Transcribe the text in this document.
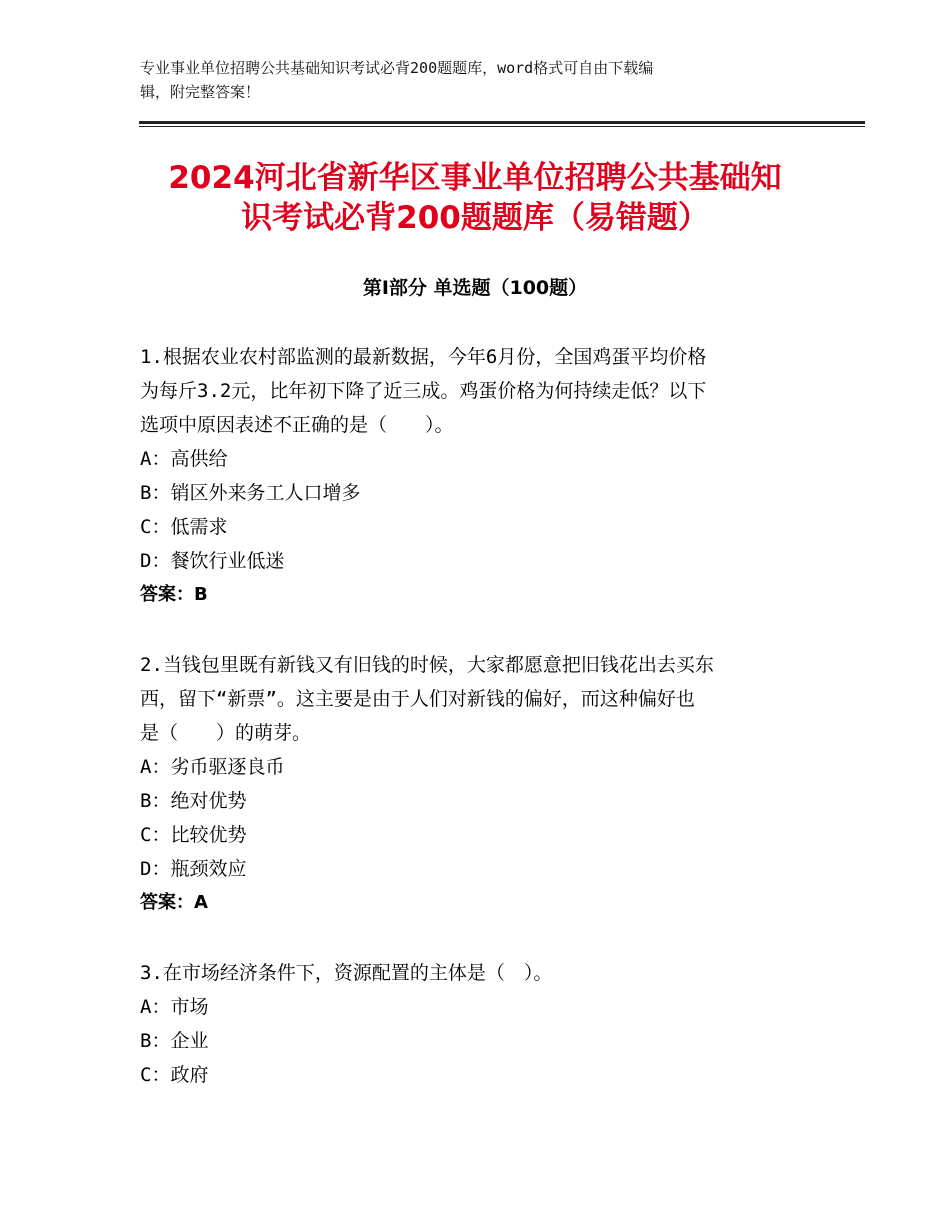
专业事业单位招聘公共基础知识考试必背200题题库，word格式可自由下载编
辑，附完整答案！
2024河北省新华区事业单位招聘公共基础知
识考试必背200题题库（易错题）
第Ⅰ部分 单选题（100题）

1.根据农业农村部监测的最新数据，今年6月份，全国鸡蛋平均价格
为每斤3.2元，比年初下降了近三成。鸡蛋价格为何持续走低？以下
选项中原因表述不正确的是（　　）。

A：高供给
B：销区外来务工人口增多
C：低需求
D：餐饮行业低迷
答案：B

2.当钱包里既有新钱又有旧钱的时候，大家都愿意把旧钱花出去买东
西，留下“新票”。这主要是由于人们对新钱的偏好，而这种偏好也
是（　　）的萌芽。

A：劣币驱逐良币
B：绝对优势
C：比较优势
D：瓶颈效应
答案：A

3.在市场经济条件下，资源配置的主体是（　）。

A：市场
B：企业
C：政府
